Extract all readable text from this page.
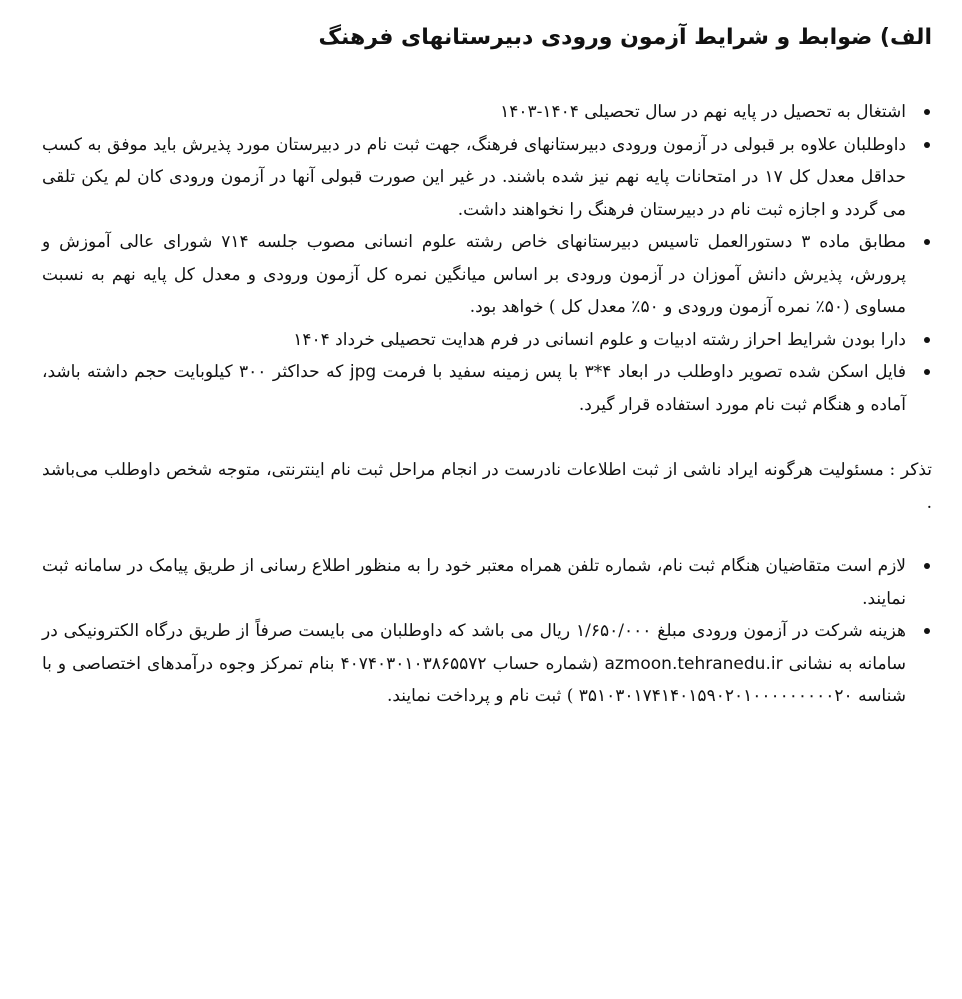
الف) ضوابط و شرایط آزمون ورودی دبیرستانهای فرهنگ
اشتغال به تحصیل در پایه نهم در سال تحصیلی ۱۴۰۴-۱۴۰۳
داوطلبان علاوه بر قبولی در آزمون ورودی دبیرستانهای فرهنگ، جهت ثبت نام در دبیرستان مورد پذیرش باید موفق به کسب حداقل معدل کل ۱۷ در امتحانات پایه نهم نیز شده باشند. در غیر این صورت قبولی آنها در آزمون ورودی کان لم یکن تلقی می گردد و اجازه ثبت نام در دبیرستان فرهنگ را نخواهند داشت.
مطابق ماده ۳ دستورالعمل تاسیس دبیرستانهای خاص رشته علوم انسانی مصوب جلسه ۷۱۴ شورای عالی آموزش و پرورش، پذیرش دانش آموزان در آزمون ورودی بر اساس میانگین نمره کل آزمون ورودی و معدل کل پایه نهم به نسبت مساوی (۵۰٪ نمره آزمون ورودی و ۵۰٪ معدل کل ) خواهد بود.
دارا بودن شرایط احراز رشته ادبیات و علوم انسانی در فرم هدایت تحصیلی خرداد ۱۴۰۴
فایل اسکن شده تصویر داوطلب در ابعاد ۴*۳ با پس زمینه سفید با فرمت jpg که حداکثر ۳۰۰ کیلوبایت حجم داشته باشد، آماده و هنگام ثبت نام مورد استفاده قرار گیرد.
تذکر : مسئولیت هرگونه ایراد ناشی از ثبت اطلاعات نادرست در انجام مراحل ثبت نام اینترنتی، متوجه شخص داوطلب می‌باشد .
لازم است متقاضیان هنگام ثبت نام، شماره تلفن همراه معتبر خود را به منظور اطلاع رسانی از طریق پیامک در سامانه ثبت نمایند.
هزینه شرکت در آزمون ورودی مبلغ ۱/۶۵۰/۰۰۰ ریال می باشد که داوطلبان می بایست صرفاً از طریق درگاه الکترونیکی در سامانه به نشانی azmoon.tehranedu.ir (شماره حساب ۴۰۷۴۰۳۰۱۰۳۸۶۵۵۷۲ بنام تمرکز وجوه درآمدهای اختصاصی و با شناسه ۳۵۱۰۳۰۱۷۴۱۴۰۱۵۹۰۲۰۱۰۰۰۰۰۰۰۰۰۲۰ ) ثبت نام و پرداخت نمایند.
